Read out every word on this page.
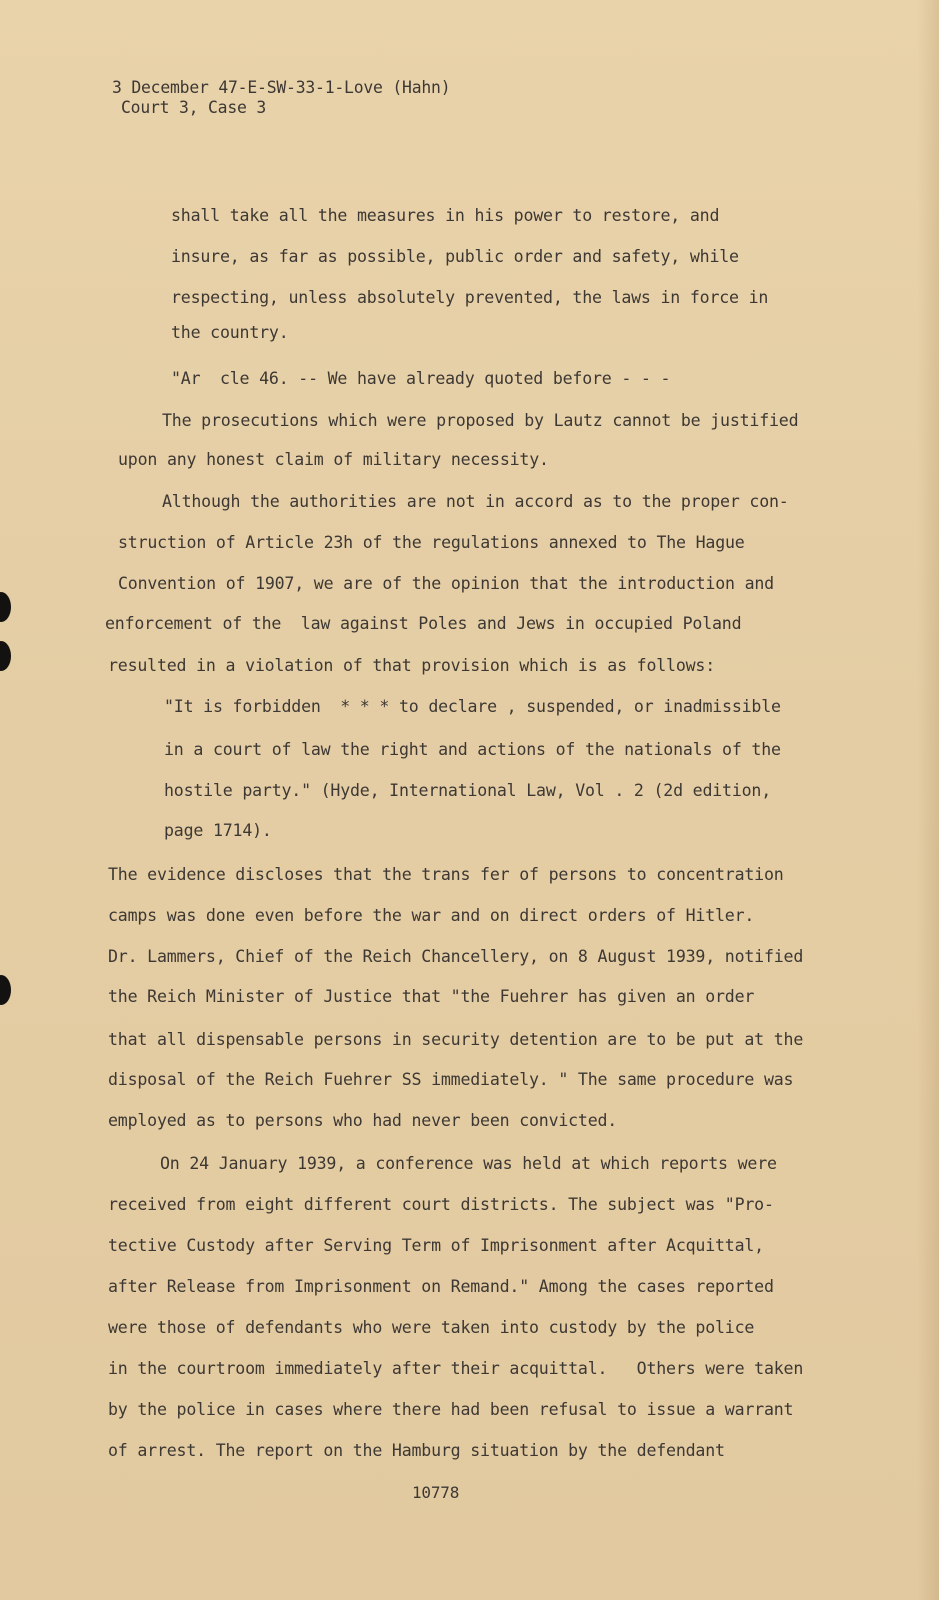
3 December 47-E-SW-33-1-Love (Hahn)
Court 3, Case 3
shall take all the measures in his power to restore, and
insure, as far as possible, public order and safety, while
respecting, unless absolutely prevented, the laws in force in
the country.
"Ar  cle 46. -- We have already quoted before - - -
The prosecutions which were proposed by Lautz cannot be justified
upon any honest claim of military necessity.
Although the authorities are not in accord as to the proper con-
struction of Article 23h of the regulations annexed to The Hague
Convention of 1907, we are of the opinion that the introduction and
enforcement of the  law against Poles and Jews in occupied Poland
resulted in a violation of that provision which is as follows:
"It is forbidden  * * * to declare , suspended, or inadmissible
in a court of law the right and actions of the nationals of the
hostile party." (Hyde, International Law, Vol . 2 (2d edition,
page 1714).
The evidence discloses that the trans fer of persons to concentration
camps was done even before the war and on direct orders of Hitler.
Dr. Lammers, Chief of the Reich Chancellery, on 8 August 1939, notified
the Reich Minister of Justice that "the Fuehrer has given an order
that all dispensable persons in security detention are to be put at the
disposal of the Reich Fuehrer SS immediately. " The same procedure was
employed as to persons who had never been convicted.
On 24 January 1939, a conference was held at which reports were
received from eight different court districts. The subject was "Pro-
tective Custody after Serving Term of Imprisonment after Acquittal,
after Release from Imprisonment on Remand." Among the cases reported
were those of defendants who were taken into custody by the police
in the courtroom immediately after their acquittal.   Others were taken
by the police in cases where there had been refusal to issue a warrant
of arrest. The report on the Hamburg situation by the defendant
10778
